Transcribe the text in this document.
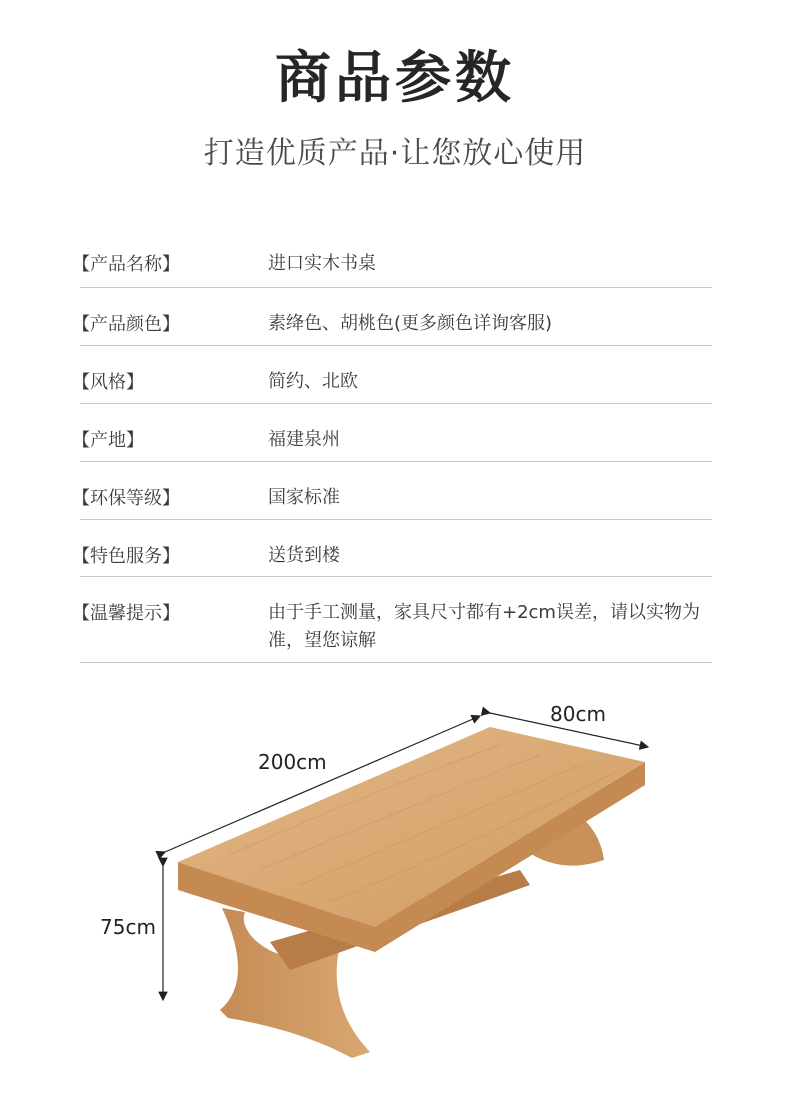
商品参数
打造优质产品·让您放心使用
【产品名称】	进口实木书桌
【产品颜色】	素绛色、胡桃色(更多颜色详询客服)
【风格】	简约、北欧
【产地】	福建泉州
【环保等级】	国家标准
【特色服务】	送货到楼
【温馨提示】	由于手工测量，家具尺寸都有+2cm误差，请以实物为准，望您谅解
80cm
200cm
75cm
